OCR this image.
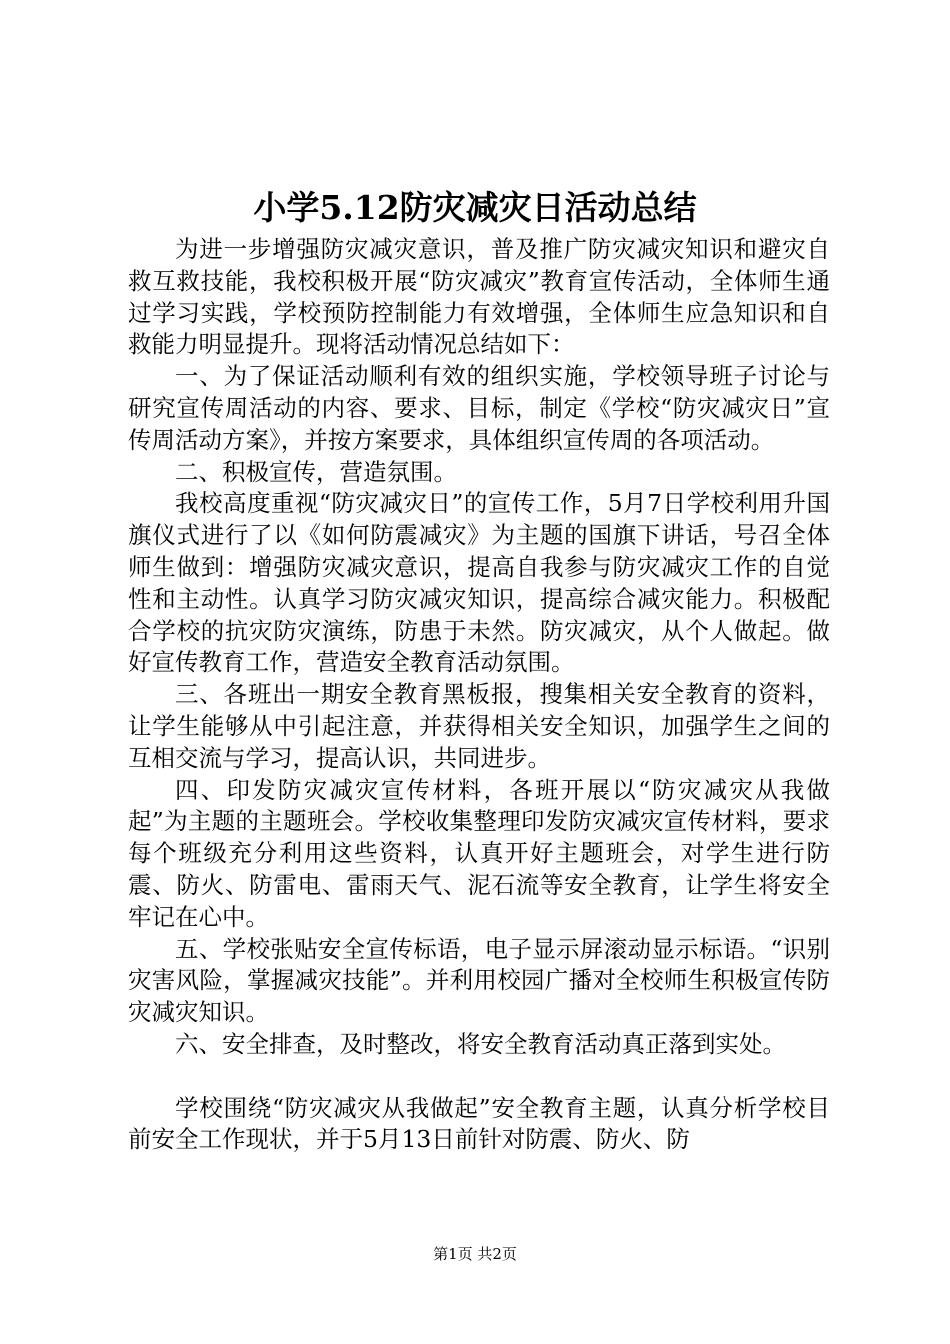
小学5.12防灾减灾日活动总结

为进一步增强防灾减灾意识，普及推广防灾减灾知识和避灾自救互救技能，我校积极开展“防灾减灾”教育宣传活动，全体师生通过学习实践，学校预防控制能力有效增强，全体师生应急知识和自救能力明显提升。现将活动情况总结如下：

一、为了保证活动顺利有效的组织实施，学校领导班子讨论与研究宣传周活动的内容、要求、目标，制定《学校“防灾减灾日”宣传周活动方案》，并按方案要求，具体组织宣传周的各项活动。

二、积极宣传，营造氛围。

我校高度重视“防灾减灾日”的宣传工作，5月7日学校利用升国旗仪式进行了以《如何防震减灾》为主题的国旗下讲话，号召全体师生做到：增强防灾减灾意识，提高自我参与防灾减灾工作的自觉性和主动性。认真学习防灾减灾知识，提高综合减灾能力。积极配合学校的抗灾防灾演练，防患于未然。防灾减灾，从个人做起。做好宣传教育工作，营造安全教育活动氛围。

三、各班出一期安全教育黑板报，搜集相关安全教育的资料，让学生能够从中引起注意，并获得相关安全知识，加强学生之间的互相交流与学习，提高认识，共同进步。

四、印发防灾减灾宣传材料，各班开展以“防灾减灾从我做起”为主题的主题班会。学校收集整理印发防灾减灾宣传材料，要求每个班级充分利用这些资料，认真开好主题班会，对学生进行防震、防火、防雷电、雷雨天气、泥石流等安全教育，让学生将安全牢记在心中。

五、学校张贴安全宣传标语，电子显示屏滚动显示标语。“识别灾害风险，掌握减灾技能”。并利用校园广播对全校师生积极宣传防灾减灾知识。

六、安全排查，及时整改，将安全教育活动真正落到实处。

学校围绕“防灾减灾从我做起”安全教育主题，认真分析学校目前安全工作现状，并于5月13日前针对防震、防火、防

第1页 共2页
